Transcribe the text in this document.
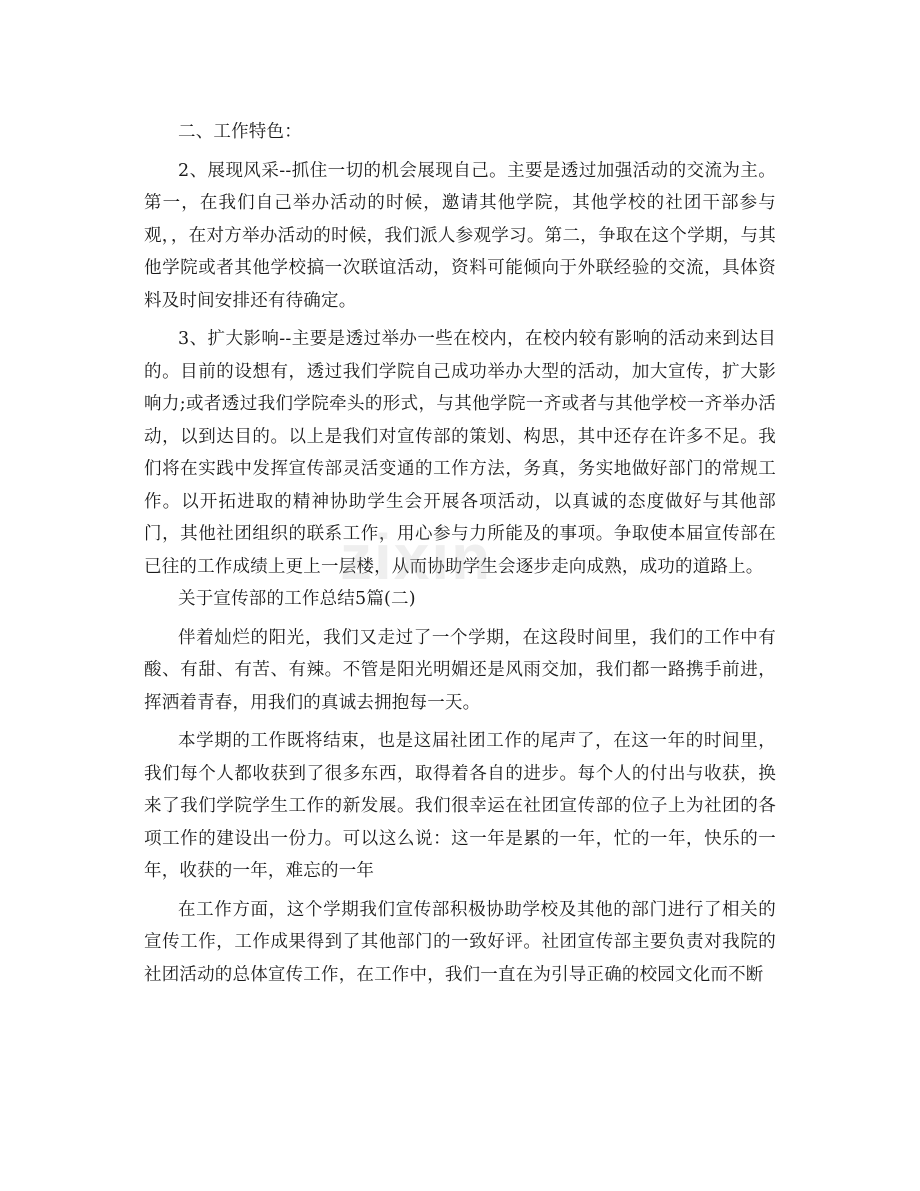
二、工作特色：

2、展现风采--抓住一切的机会展现自己。主要是透过加强活动的交流为主。第一，在我们自己举办活动的时候，邀请其他学院，其他学校的社团干部参与观，，在对方举办活动的时候，我们派人参观学习。第二，争取在这个学期，与其他学院或者其他学校搞一次联谊活动，资料可能倾向于外联经验的交流，具体资料及时间安排还有待确定。

3、扩大影响--主要是透过举办一些在校内，在校内较有影响的活动来到达目的。目前的设想有，透过我们学院自己成功举办大型的活动，加大宣传，扩大影响力;或者透过我们学院牵头的形式，与其他学院一齐或者与其他学校一齐举办活动，以到达目的。以上是我们对宣传部的策划、构思，其中还存在许多不足。我们将在实践中发挥宣传部灵活变通的工作方法，务真，务实地做好部门的常规工作。以开拓进取的精神协助学生会开展各项活动，以真诚的态度做好与其他部门，其他社团组织的联系工作，用心参与力所能及的事项。争取使本届宣传部在已往的工作成绩上更上一层楼，从而协助学生会逐步走向成熟，成功的道路上。

关于宣传部的工作总结5篇(二)

伴着灿烂的阳光，我们又走过了一个学期，在这段时间里，我们的工作中有酸、有甜、有苦、有辣。不管是阳光明媚还是风雨交加，我们都一路携手前进，挥洒着青春，用我们的真诚去拥抱每一天。

本学期的工作既将结束，也是这届社团工作的尾声了，在这一年的时间里，我们每个人都收获到了很多东西，取得着各自的进步。每个人的付出与收获，换来了我们学院学生工作的新发展。我们很幸运在社团宣传部的位子上为社团的各项工作的建设出一份力。可以这么说：这一年是累的一年，忙的一年，快乐的一年，收获的一年，难忘的一年

在工作方面，这个学期我们宣传部积极协助学校及其他的部门进行了相关的宣传工作，工作成果得到了其他部门的一致好评。社团宣传部主要负责对我院的社团活动的总体宣传工作，在工作中，我们一直在为引导正确的校园文化而不断

zixin
